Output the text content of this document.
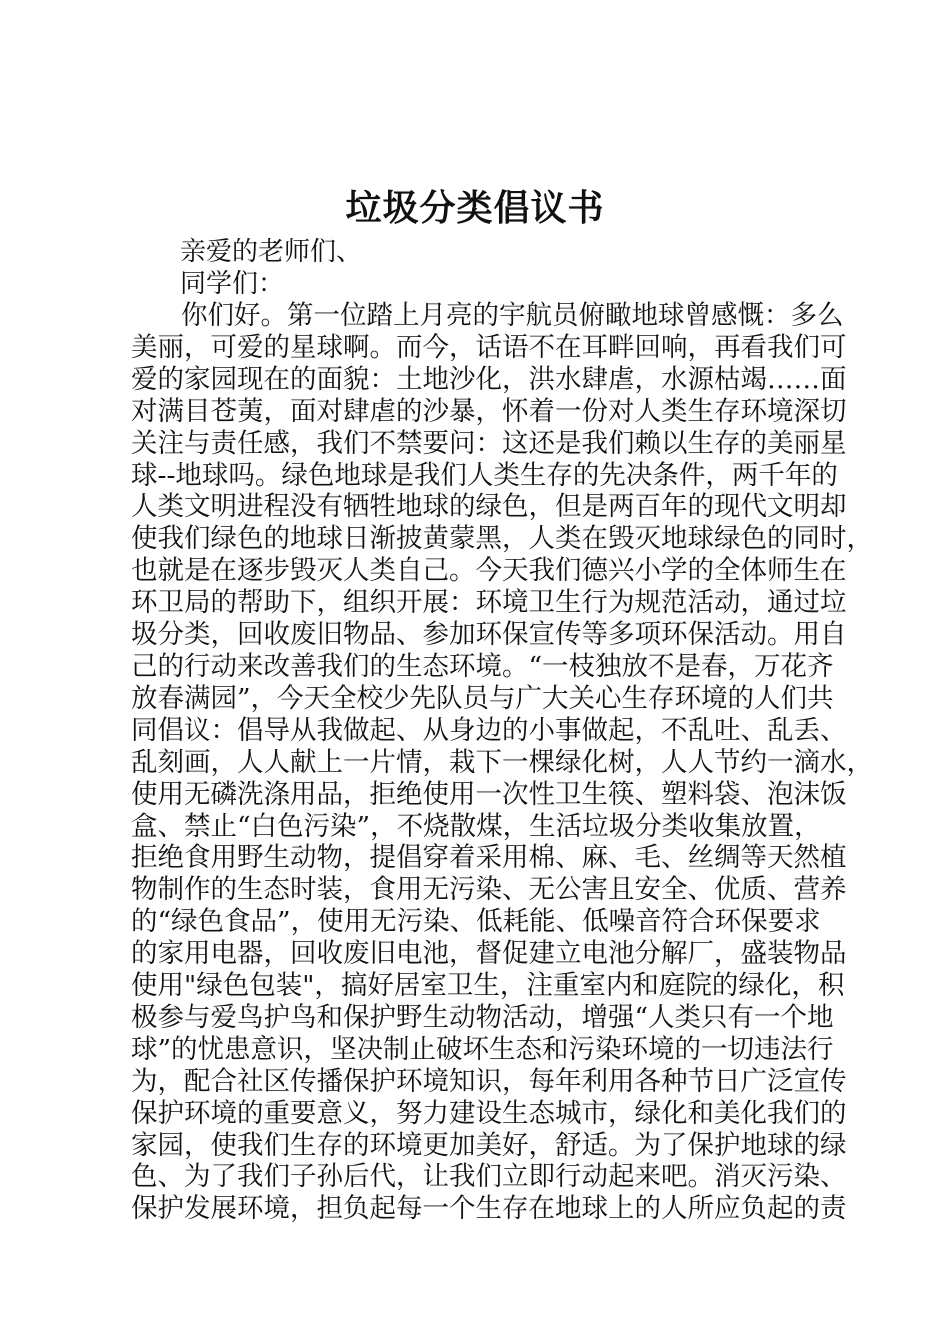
垃圾分类倡议书
亲爱的老师们、
同学们：
你们好。第一位踏上月亮的宇航员俯瞰地球曾感慨：多么
美丽，可爱的星球啊。而今，话语不在耳畔回响，再看我们可
爱的家园现在的面貌：土地沙化，洪水肆虐，水源枯竭……面
对满目苍荑，面对肆虐的沙暴，怀着一份对人类生存环境深切
关注与责任感，我们不禁要问：这还是我们赖以生存的美丽星
球--地球吗。绿色地球是我们人类生存的先决条件，两千年的
人类文明进程没有牺牲地球的绿色，但是两百年的现代文明却
使我们绿色的地球日渐披黄蒙黑，人类在毁灭地球绿色的同时，
也就是在逐步毁灭人类自己。今天我们德兴小学的全体师生在
环卫局的帮助下，组织开展：环境卫生行为规范活动，通过垃
圾分类，回收废旧物品、参加环保宣传等多项环保活动。用自
己的行动来改善我们的生态环境。“一枝独放不是春，万花齐
放春满园”，今天全校少先队员与广大关心生存环境的人们共
同倡议：倡导从我做起、从身边的小事做起，不乱吐、乱丢、
乱刻画，人人献上一片情，栽下一棵绿化树，人人节约一滴水，
使用无磷洗涤用品，拒绝使用一次性卫生筷、塑料袋、泡沫饭
盒、禁止“白色污染”，不烧散煤，生活垃圾分类收集放置，
拒绝食用野生动物，提倡穿着采用棉、麻、毛、丝绸等天然植
物制作的生态时装，食用无污染、无公害且安全、优质、营养
的“绿色食品”，使用无污染、低耗能、低噪音符合环保要求
的家用电器，回收废旧电池，督促建立电池分解厂，盛装物品
使用"绿色包装"，搞好居室卫生，注重室内和庭院的绿化，积
极参与爱鸟护鸟和保护野生动物活动，增强“人类只有一个地
球”的忧患意识，坚决制止破坏生态和污染环境的一切违法行
为，配合社区传播保护环境知识，每年利用各种节日广泛宣传
保护环境的重要意义，努力建设生态城市，绿化和美化我们的
家园，使我们生存的环境更加美好，舒适。为了保护地球的绿
色、为了我们子孙后代，让我们立即行动起来吧。消灭污染、
保护发展环境，担负起每一个生存在地球上的人所应负起的责
